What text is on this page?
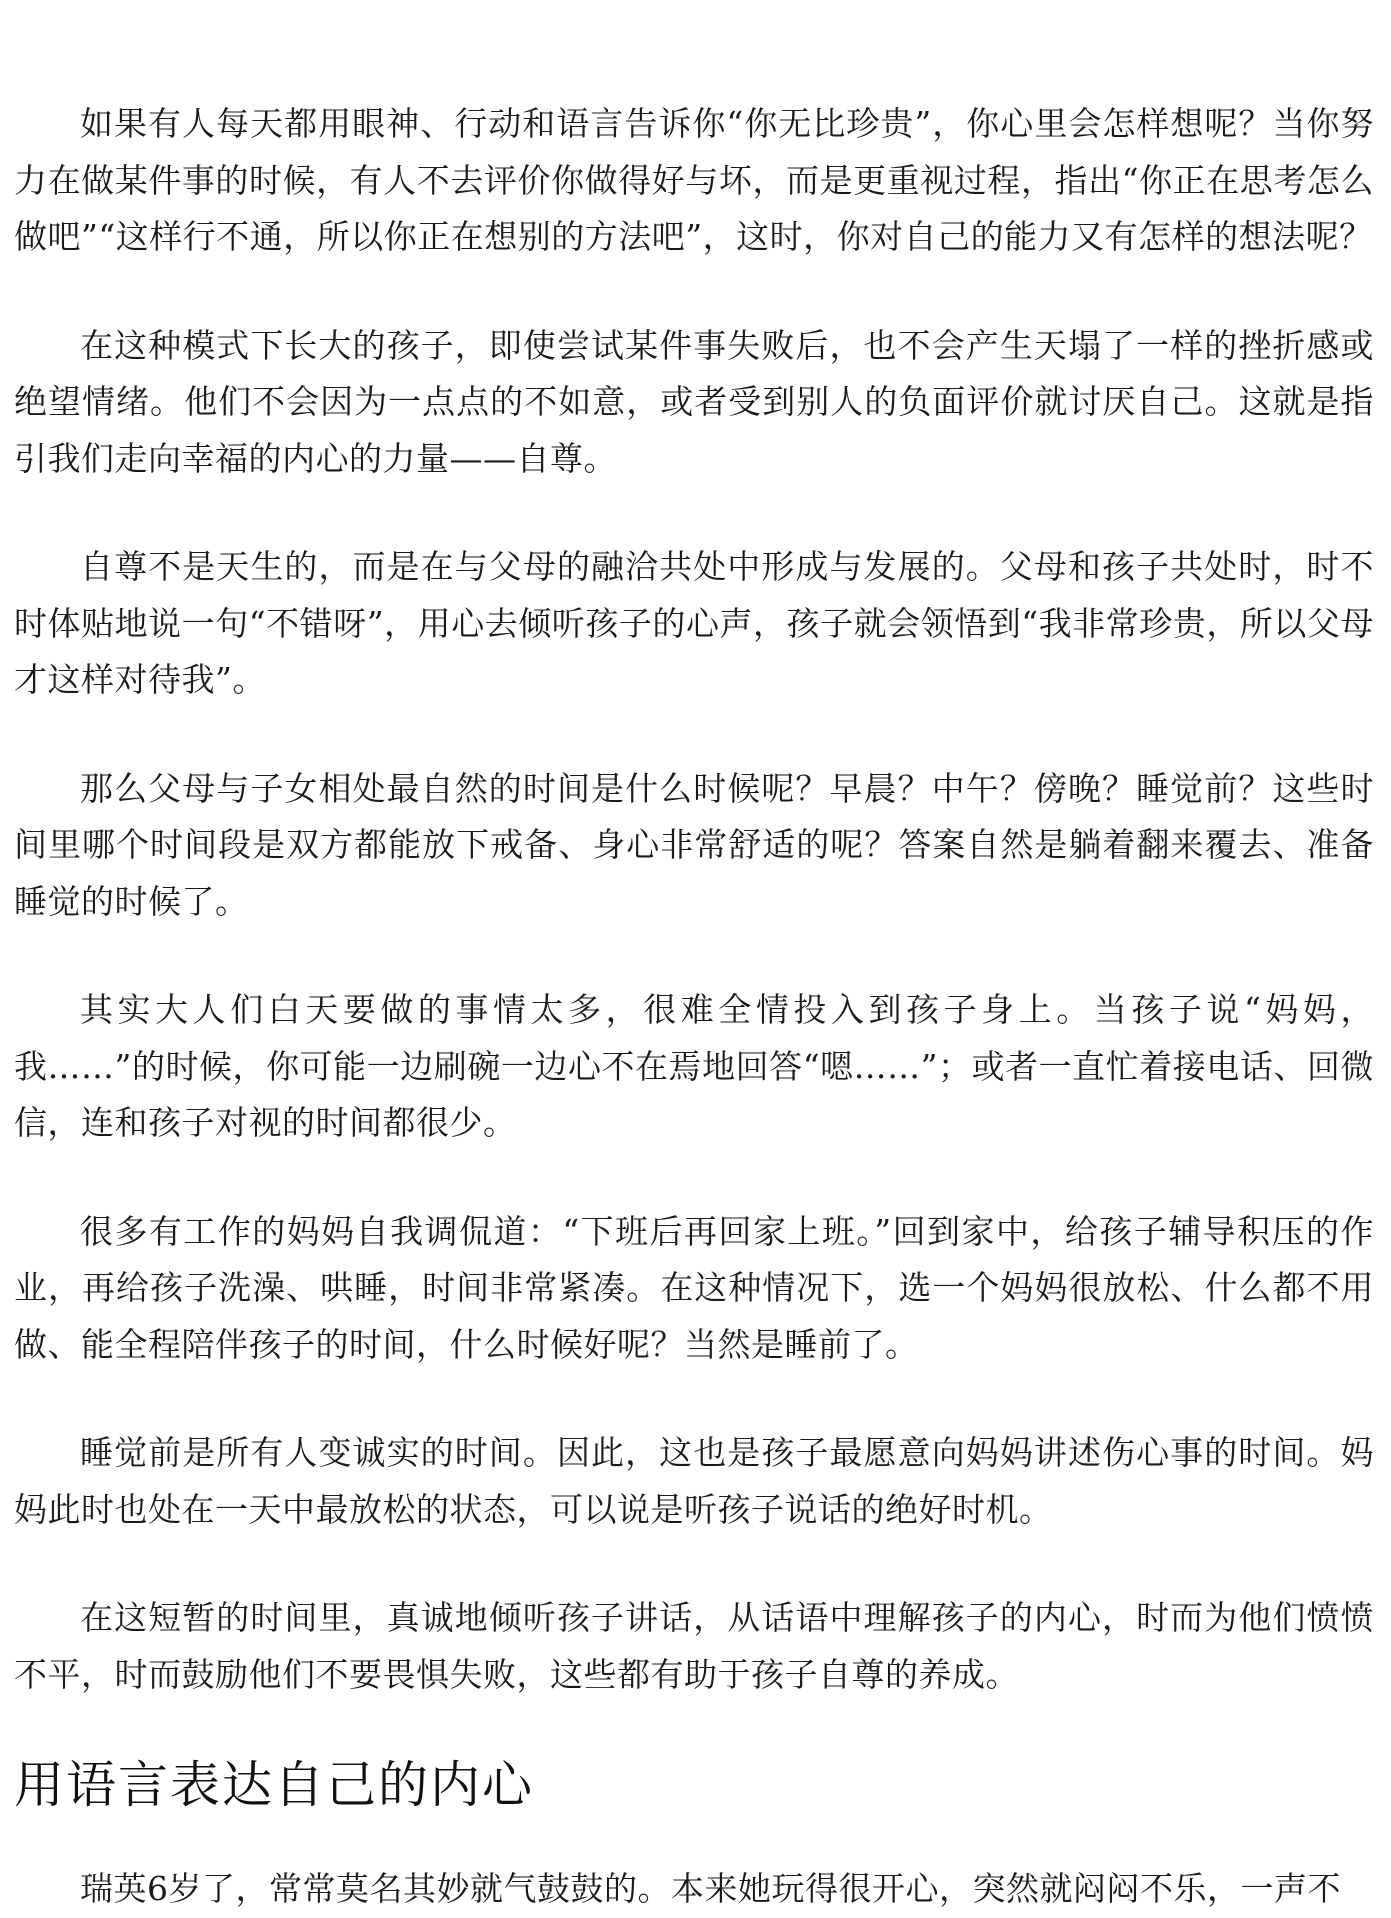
如果有人每天都用眼神、行动和语言告诉你“你无比珍贵”，你心里会怎样想呢？当你努力在做某件事的时候，有人不去评价你做得好与坏，而是更重视过程，指出“你正在思考怎么做吧”“这样行不通，所以你正在想别的方法吧”，这时，你对自己的能力又有怎样的想法呢？

在这种模式下长大的孩子，即使尝试某件事失败后，也不会产生天塌了一样的挫折感或绝望情绪。他们不会因为一点点的不如意，或者受到别人的负面评价就讨厌自己。这就是指引我们走向幸福的内心的力量——自尊。

自尊不是天生的，而是在与父母的融洽共处中形成与发展的。父母和孩子共处时，时不时体贴地说一句“不错呀”，用心去倾听孩子的心声，孩子就会领悟到“我非常珍贵，所以父母才这样对待我”。

那么父母与子女相处最自然的时间是什么时候呢？早晨？中午？傍晚？睡觉前？这些时间里哪个时间段是双方都能放下戒备、身心非常舒适的呢？答案自然是躺着翻来覆去、准备睡觉的时候了。

其实大人们白天要做的事情太多，很难全情投入到孩子身上。当孩子说“妈妈，我……”的时候，你可能一边刷碗一边心不在焉地回答“嗯……”；或者一直忙着接电话、回微信，连和孩子对视的时间都很少。

很多有工作的妈妈自我调侃道：“下班后再回家上班。”回到家中，给孩子辅导积压的作业，再给孩子洗澡、哄睡，时间非常紧凑。在这种情况下，选一个妈妈很放松、什么都不用做、能全程陪伴孩子的时间，什么时候好呢？当然是睡前了。

睡觉前是所有人变诚实的时间。因此，这也是孩子最愿意向妈妈讲述伤心事的时间。妈妈此时也处在一天中最放松的状态，可以说是听孩子说话的绝好时机。

在这短暂的时间里，真诚地倾听孩子讲话，从话语中理解孩子的内心，时而为他们愤愤不平，时而鼓励他们不要畏惧失败，这些都有助于孩子自尊的养成。

用语言表达自己的内心

瑞英6岁了，常常莫名其妙就气鼓鼓的。本来她玩得很开心，突然就闷闷不乐，一声不
